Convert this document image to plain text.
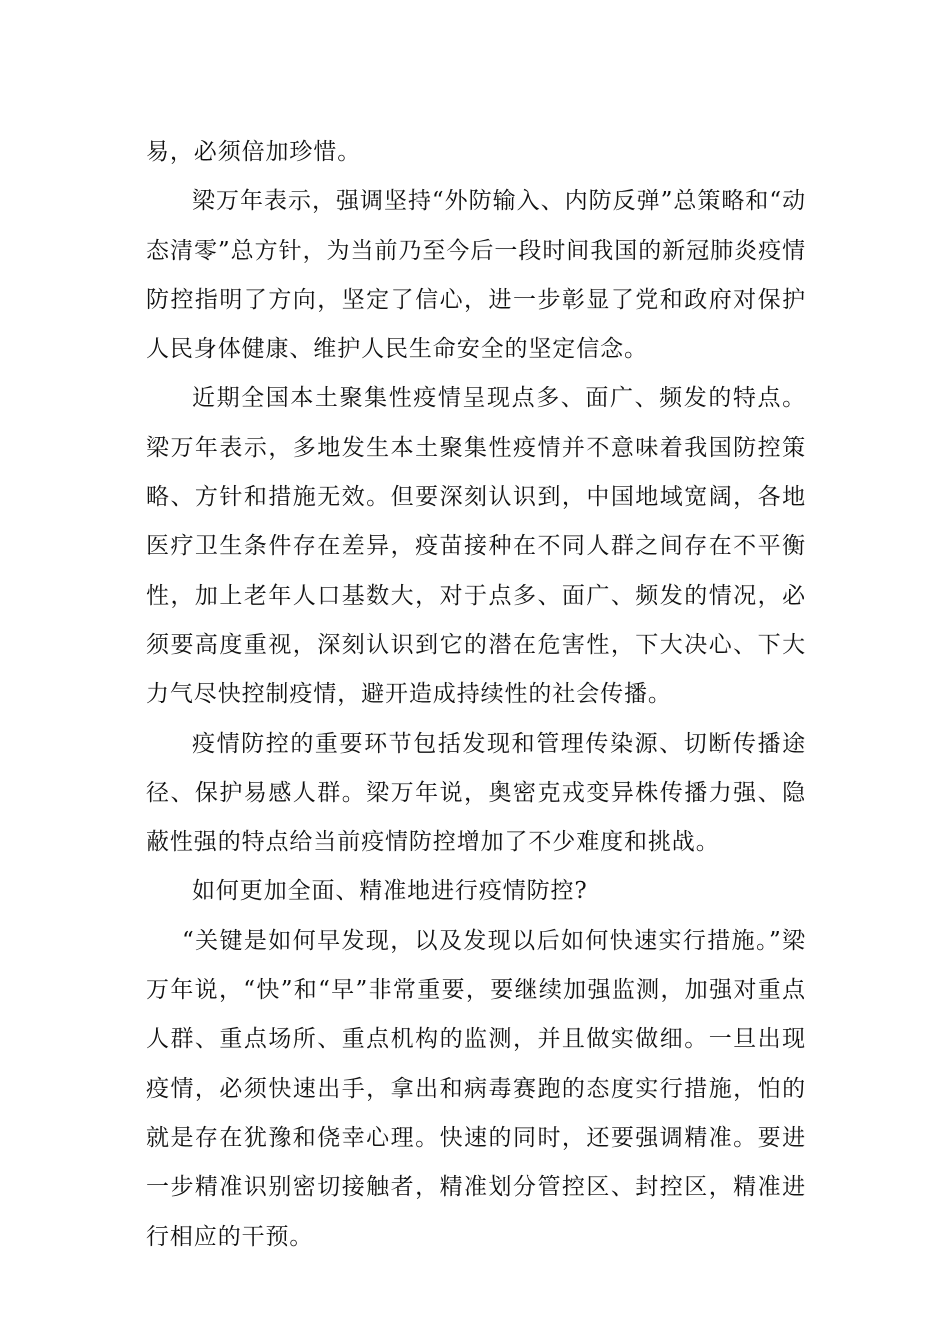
易，必须倍加珍惜。

梁万年表示，强调坚持“外防输入、内防反弹”总策略和“动态清零”总方针，为当前乃至今后一段时间我国的新冠肺炎疫情防控指明了方向，坚定了信心，进一步彰显了党和政府对保护人民身体健康、维护人民生命安全的坚定信念。

近期全国本土聚集性疫情呈现点多、面广、频发的特点。梁万年表示，多地发生本土聚集性疫情并不意味着我国防控策略、方针和措施无效。但要深刻认识到，中国地域宽阔，各地医疗卫生条件存在差异，疫苗接种在不同人群之间存在不平衡性，加上老年人口基数大，对于点多、面广、频发的情况，必须要高度重视，深刻认识到它的潜在危害性，下大决心、下大力气尽快控制疫情，避开造成持续性的社会传播。

疫情防控的重要环节包括发现和管理传染源、切断传播途径、保护易感人群。梁万年说，奥密克戎变异株传播力强、隐蔽性强的特点给当前疫情防控增加了不少难度和挑战。

如何更加全面、精准地进行疫情防控?

“关键是如何早发现，以及发现以后如何快速实行措施。”梁万年说，“快”和“早”非常重要，要继续加强监测，加强对重点人群、重点场所、重点机构的监测，并且做实做细。一旦出现疫情，必须快速出手，拿出和病毒赛跑的态度实行措施，怕的就是存在犹豫和侥幸心理。快速的同时，还要强调精准。要进一步精准识别密切接触者，精准划分管控区、封控区，精准进行相应的干预。
